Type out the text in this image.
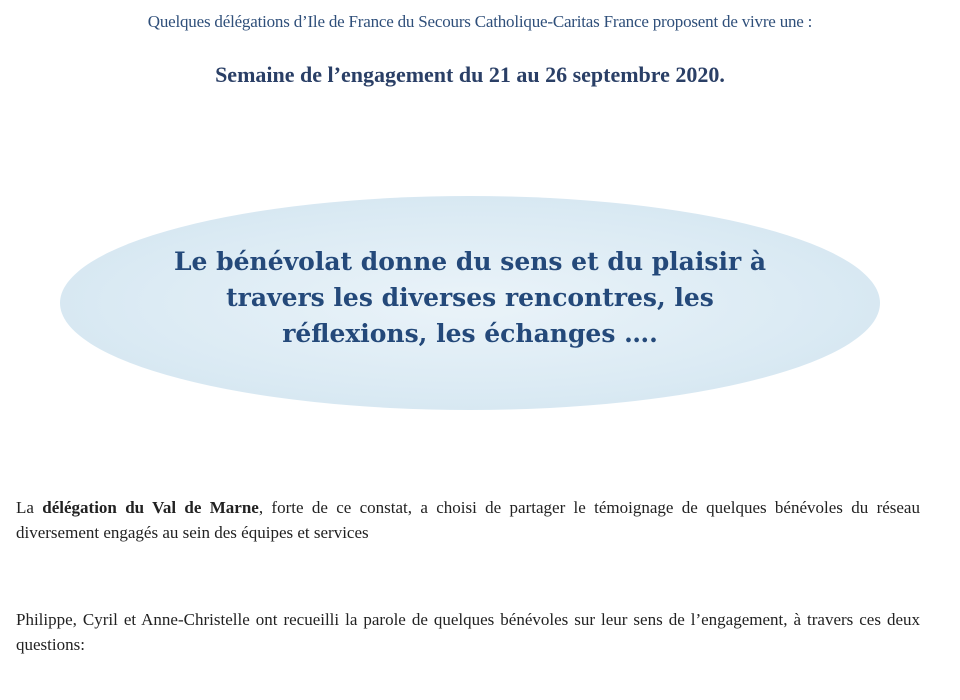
Quelques délégations d’Ile de France du Secours Catholique-Caritas France proposent de vivre une :
Semaine de l’engagement du 21 au 26 septembre 2020.
Le bénévolat donne du sens et du plaisir à travers les diverses rencontres, les réflexions, les échanges ….
La délégation du Val de Marne, forte de ce constat, a choisi de partager le témoignage de quelques bénévoles du réseau diversement engagés au sein des équipes et services
Philippe, Cyril et Anne-Christelle ont recueilli la parole de quelques bénévoles sur leur sens de l’engagement, à travers ces deux questions:
